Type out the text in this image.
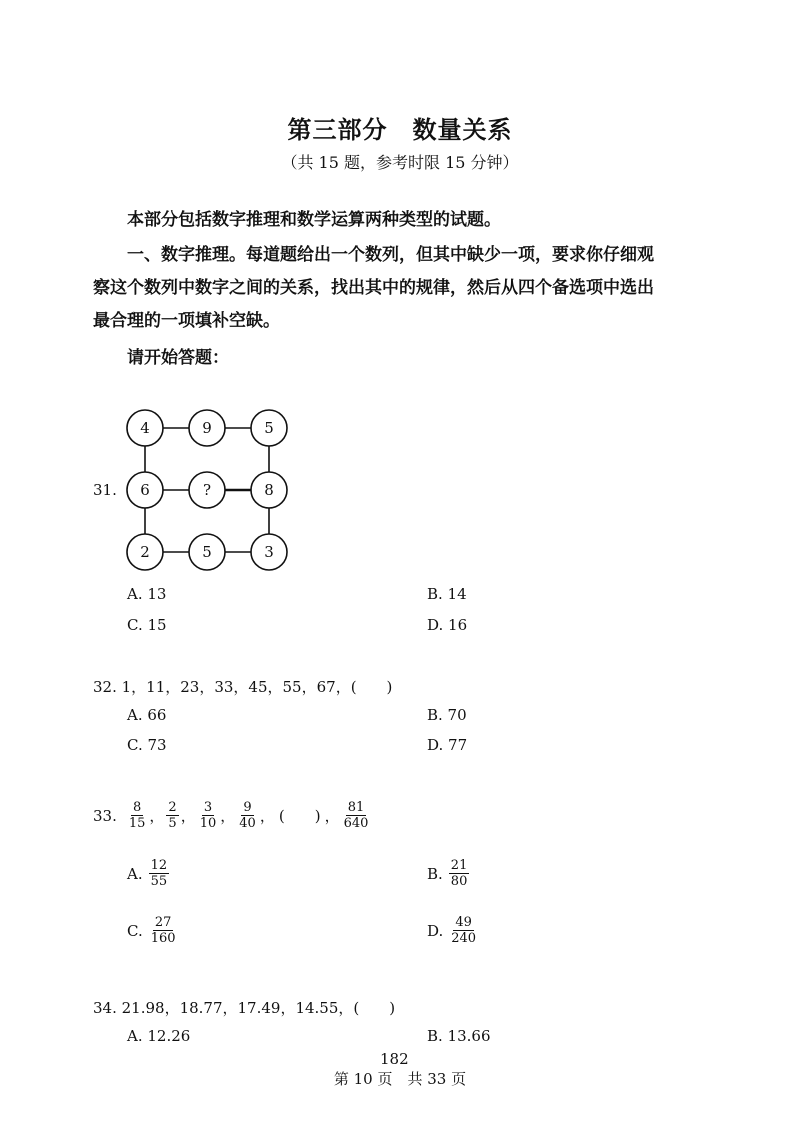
第三部分　数量关系
（共 15 题，参考时限 15 分钟）
本部分包括数字推理和数学运算两种类型的试题。
一、数字推理。每道题给出一个数列，但其中缺少一项，要求你仔细观
察这个数列中数字之间的关系，找出其中的规律，然后从四个备选项中选出
最合理的一项填补空缺。
请开始答题：
31.
4	9	5
6	?	8
2	5	3
A. 13	B. 14
C. 15	D. 16
32. 1，11，23，33，45，55，67，(　　)
A. 66	B. 70
C. 73	D. 77
33. $\frac{8}{15}$ ， $\frac{2}{5}$ ， $\frac{3}{10}$ ， $\frac{9}{40}$ ， (　　) ， $\frac{81}{640}$
A. $\frac{12}{55}$	B. $\frac{21}{80}$
C. $\frac{27}{160}$	D. $\frac{49}{240}$
34. 21.98，18.77，17.49，14.55，(　　)
A. 12.26	B. 13.66
182
第 10 页　共 33 页
